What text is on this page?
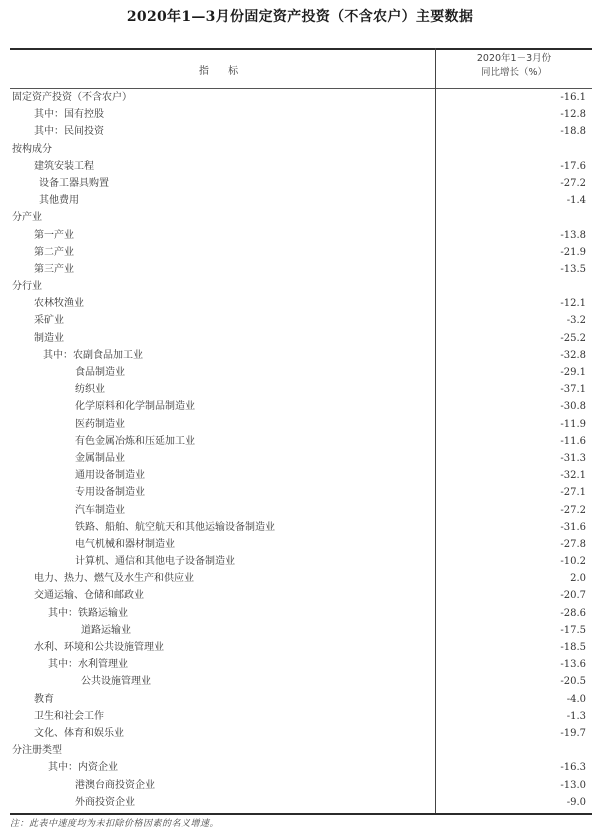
2020年1—3月份固定资产投资（不含农户）主要数据
指 标
2020年1－3月份
同比增长（%）
固定资产投资（不含农户）	-16.1
其中：国有控股	-12.8
其中：民间投资	-18.8
按构成分
建筑安装工程	-17.6
设备工器具购置	-27.2
其他费用	-1.4
分产业
第一产业	-13.8
第二产业	-21.9
第三产业	-13.5
分行业
农林牧渔业	-12.1
采矿业	-3.2
制造业	-25.2
其中：农副食品加工业	-32.8
食品制造业	-29.1
纺织业	-37.1
化学原料和化学制品制造业	-30.8
医药制造业	-11.9
有色金属冶炼和压延加工业	-11.6
金属制品业	-31.3
通用设备制造业	-32.1
专用设备制造业	-27.1
汽车制造业	-27.2
铁路、船舶、航空航天和其他运输设备制造业	-31.6
电气机械和器材制造业	-27.8
计算机、通信和其他电子设备制造业	-10.2
电力、热力、燃气及水生产和供应业	2.0
交通运输、仓储和邮政业	-20.7
其中：铁路运输业	-28.6
道路运输业	-17.5
水利、环境和公共设施管理业	-18.5
其中：水利管理业	-13.6
公共设施管理业	-20.5
教育	-4.0
卫生和社会工作	-1.3
文化、体育和娱乐业	-19.7
分注册类型
其中：内资企业	-16.3
港澳台商投资企业	-13.0
外商投资企业	-9.0
注：此表中速度均为未扣除价格因素的名义增速。
